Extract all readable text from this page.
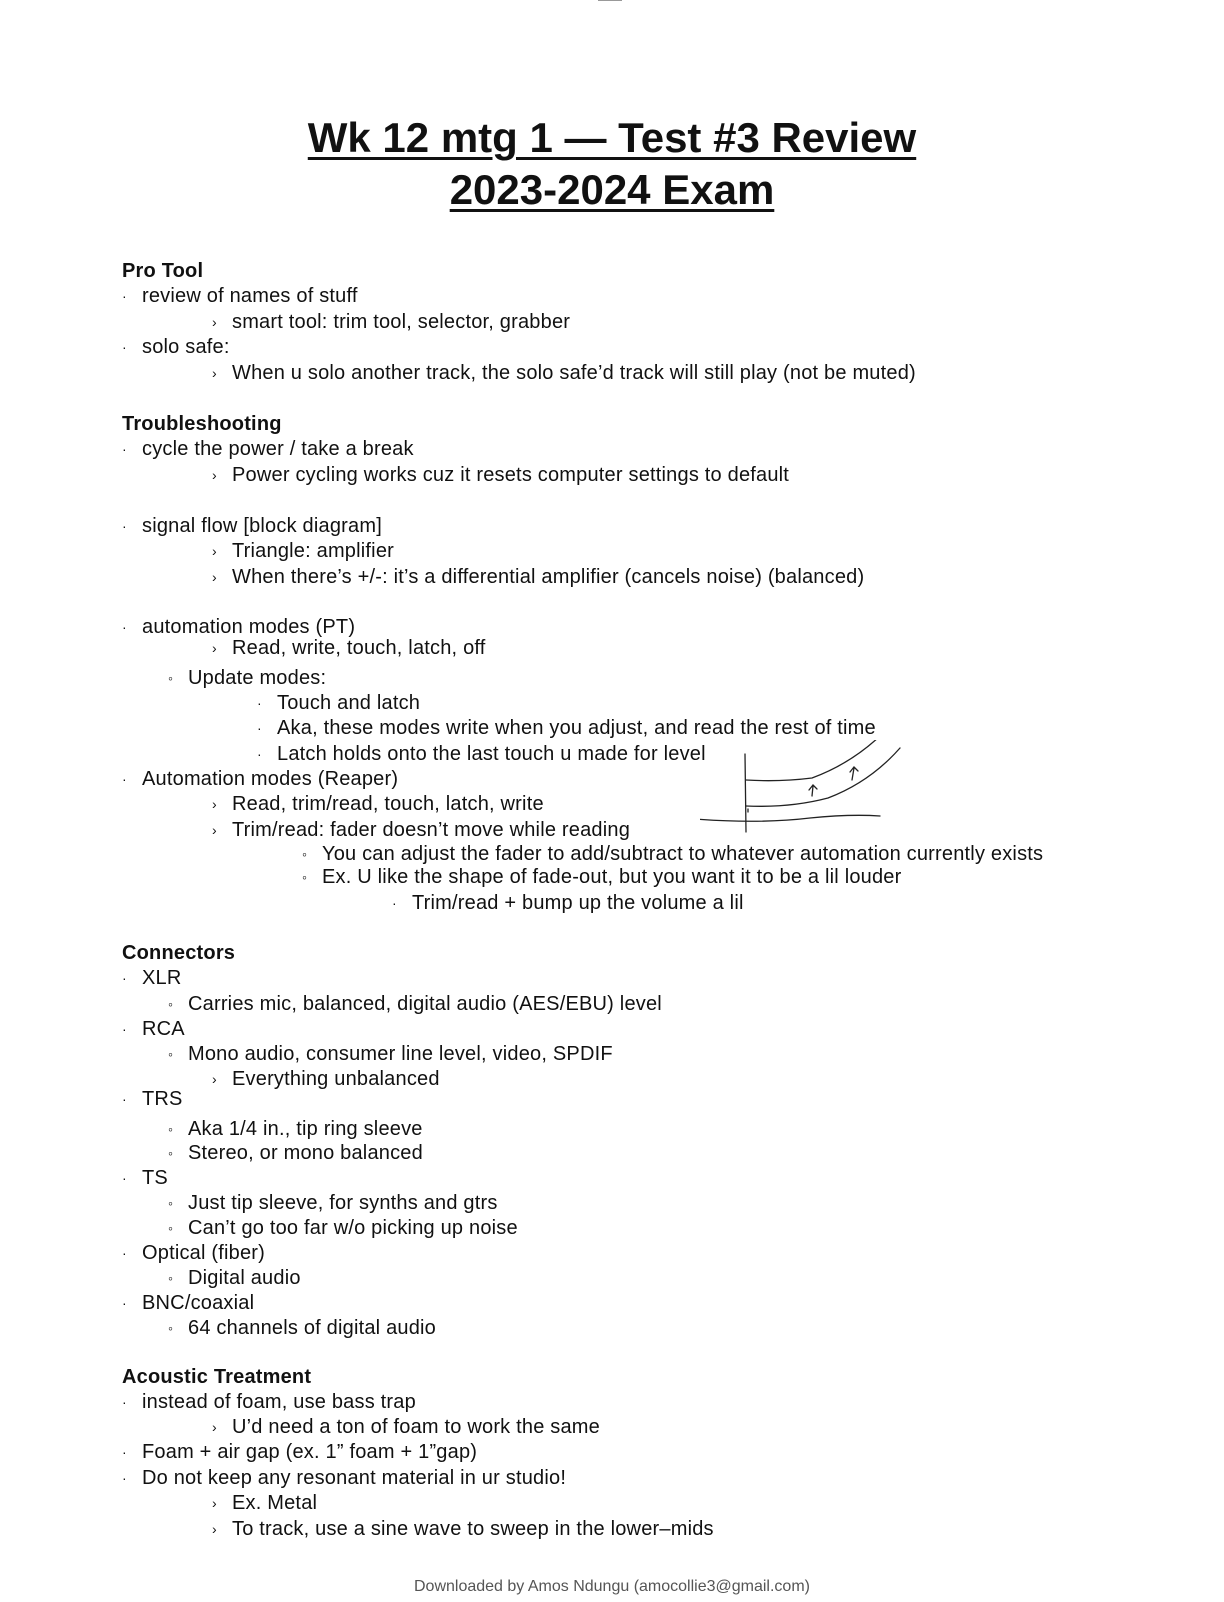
Wk 12 mtg 1 — Test #3 Review
2023-2024 Exam
Pro Tool
· review of names of stuff
› smart tool: trim tool, selector, grabber
· solo safe:
› When u solo another track, the solo safe’d track will still play (not be muted)
Troubleshooting
· cycle the power / take a break
› Power cycling works cuz it resets computer settings to default
· signal flow [block diagram]
› Triangle: amplifier
› When there’s +/-: it’s a differential amplifier (cancels noise) (balanced)
· automation modes (PT)
› Read, write, touch, latch, off
◦ Update modes:
· Touch and latch
· Aka, these modes write when you adjust, and read the rest of time
· Latch holds onto the last touch u made for level
· Automation modes (Reaper)
› Read, trim/read, touch, latch, write
› Trim/read: fader doesn’t move while reading
◦ You can adjust the fader to add/subtract to whatever automation currently exists
◦ Ex. U like the shape of fade-out, but you want it to be a lil louder
· Trim/read + bump up the volume a lil
Connectors
· XLR
◦ Carries mic, balanced, digital audio (AES/EBU) level
· RCA
◦ Mono audio, consumer line level, video, SPDIF
› Everything unbalanced
· TRS
◦ Aka 1/4 in., tip ring sleeve
◦ Stereo, or mono balanced
· TS
◦ Just tip sleeve, for synths and gtrs
◦ Can’t go too far w/o picking up noise
· Optical (fiber)
◦ Digital audio
· BNC/coaxial
◦ 64 channels of digital audio
Acoustic Treatment
· instead of foam, use bass trap
› U’d need a ton of foam to work the same
· Foam + air gap (ex. 1” foam + 1”gap)
· Do not keep any resonant material in ur studio!
› Ex. Metal
› To track, use a sine wave to sweep in the lower–mids
Downloaded by Amos Ndungu (amocollie3@gmail.com)
